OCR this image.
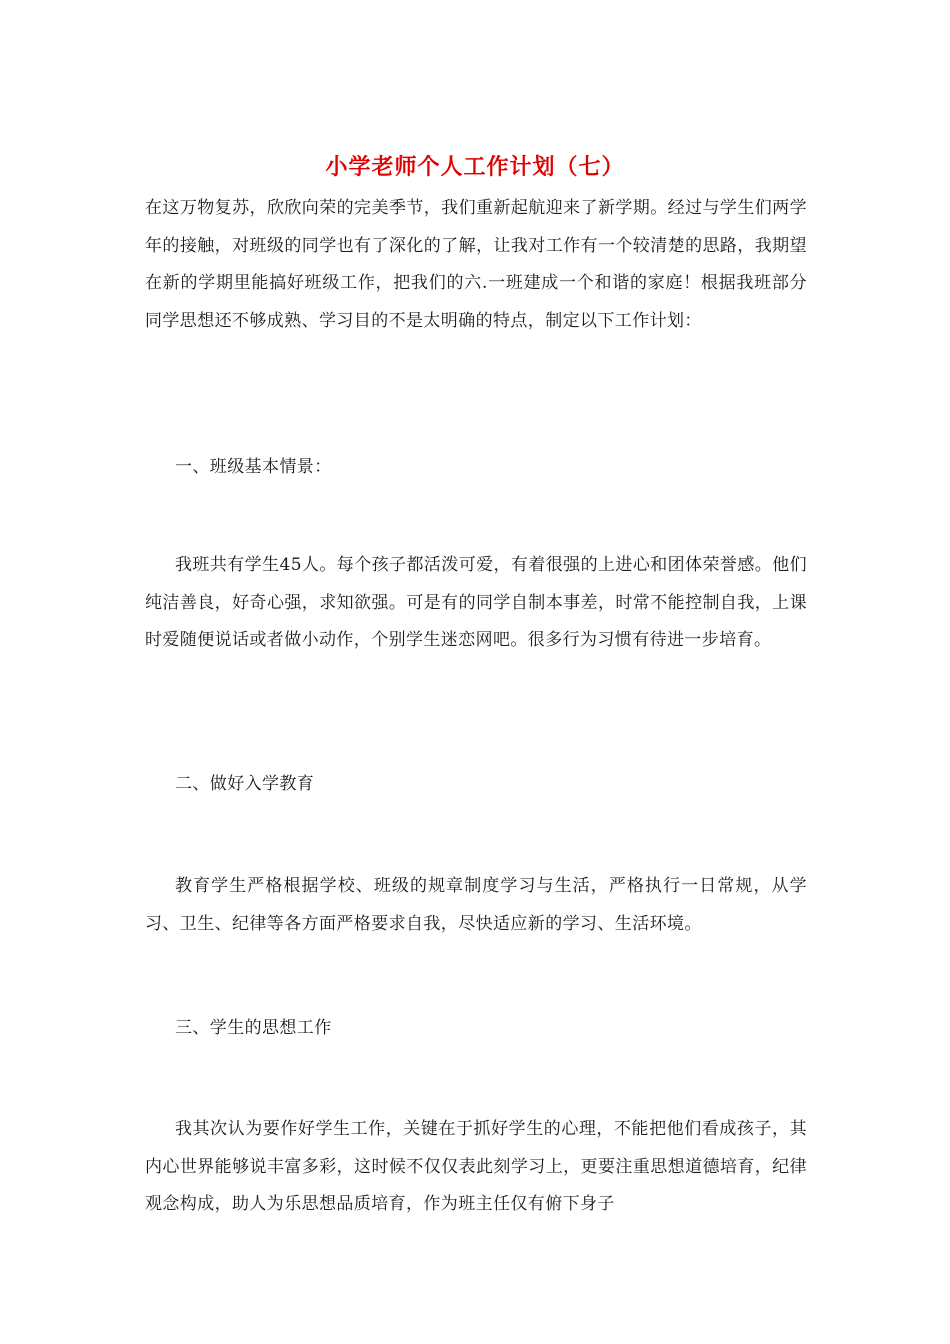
小学老师个人工作计划（七）

在这万物复苏，欣欣向荣的完美季节，我们重新起航迎来了新学期。经过与学生们两学年的接触，对班级的同学也有了深化的了解，让我对工作有一个较清楚的思路，我期望在新的学期里能搞好班级工作，把我们的六.一班建成一个和谐的家庭！根据我班部分同学思想还不够成熟、学习目的不是太明确的特点，制定以下工作计划：

一、班级基本情景：

我班共有学生45人。每个孩子都活泼可爱，有着很强的上进心和团体荣誉感。他们纯洁善良，好奇心强，求知欲强。可是有的同学自制本事差，时常不能控制自我，上课时爱随便说话或者做小动作，个别学生迷恋网吧。很多行为习惯有待进一步培育。

二、做好入学教育

教育学生严格根据学校、班级的规章制度学习与生活，严格执行一日常规，从学习、卫生、纪律等各方面严格要求自我，尽快适应新的学习、生活环境。

三、学生的思想工作

我其次认为要作好学生工作，关键在于抓好学生的心理，不能把他们看成孩子，其内心世界能够说丰富多彩，这时候不仅仅表此刻学习上，更要注重思想道德培育，纪律观念构成，助人为乐思想品质培育，作为班主任仅有俯下身子
